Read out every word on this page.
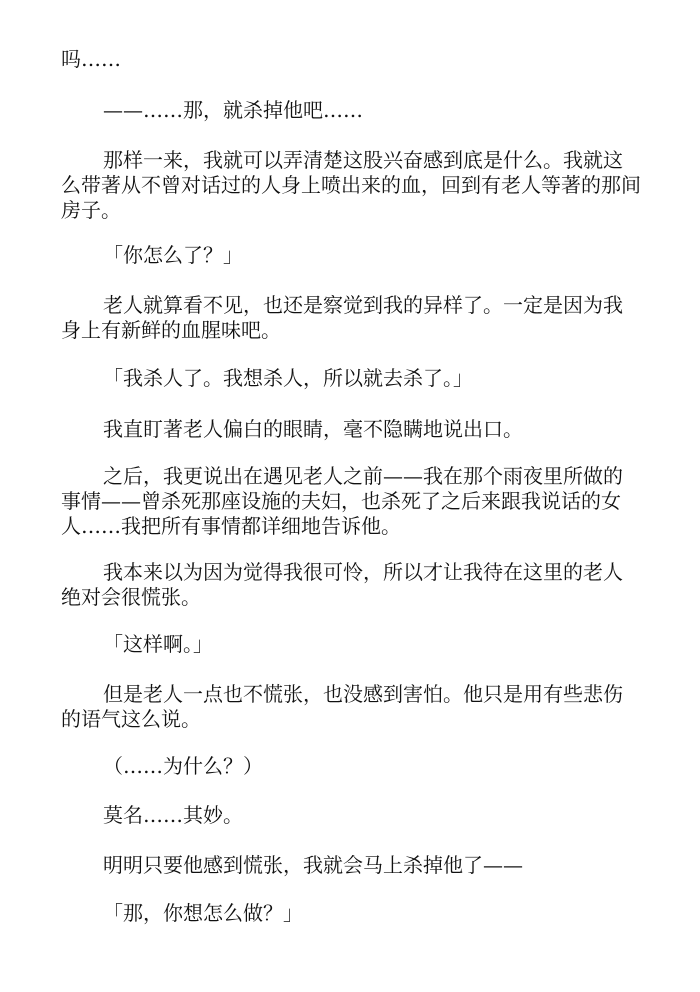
吗……

——……那，就杀掉他吧……

那样一来，我就可以弄清楚这股兴奋感到底是什么。我就这么带著从不曾对话过的人身上喷出来的血，回到有老人等著的那间房子。

「你怎么了？」

老人就算看不见，也还是察觉到我的异样了。一定是因为我身上有新鲜的血腥味吧。

「我杀人了。我想杀人，所以就去杀了。」

我直盯著老人偏白的眼睛，毫不隐瞒地说出口。

之后，我更说出在遇见老人之前——我在那个雨夜里所做的事情——曾杀死那座设施的夫妇，也杀死了之后来跟我说话的女人……我把所有事情都详细地告诉他。

我本来以为因为觉得我很可怜，所以才让我待在这里的老人绝对会很慌张。

「这样啊。」

但是老人一点也不慌张，也没感到害怕。他只是用有些悲伤的语气这么说。

（……为什么？）

莫名……其妙。

明明只要他感到慌张，我就会马上杀掉他了——

「那，你想怎么做？」
